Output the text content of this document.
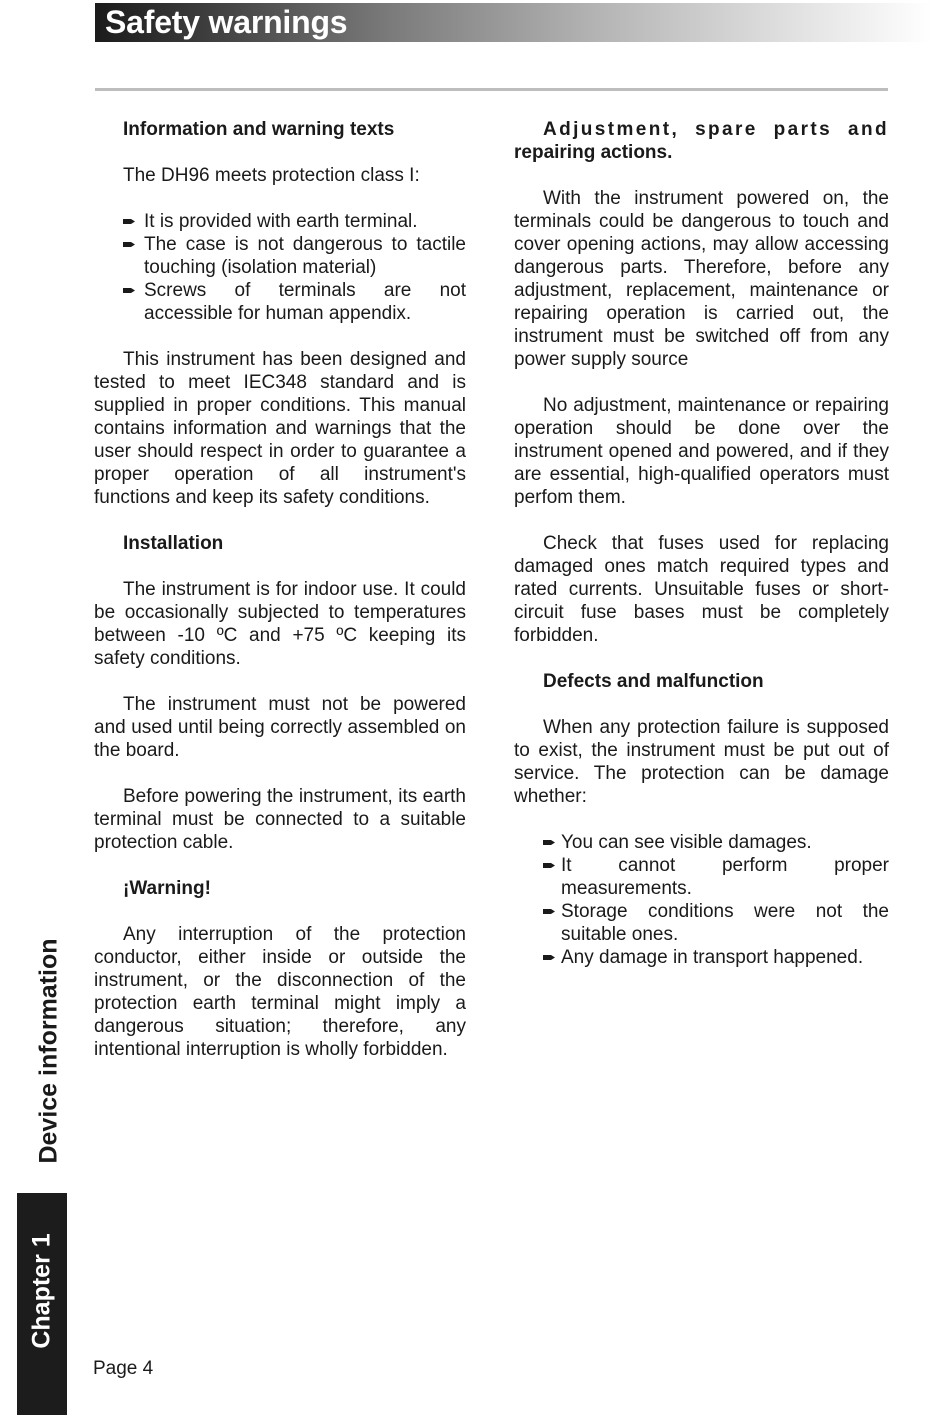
Safety warnings
Information and warning texts

The DH96 meets protection class I:

It is provided with earth terminal.
The case is not dangerous to tactile touching (isolation material)
Screws of terminals are not accessible for human appendix.

This instrument has been designed and tested to meet IEC348 standard and is supplied in proper conditions. This manual contains information and warnings that the user should respect in order to guarantee a proper operation of all instrument's functions and keep its safety conditions.

Installation

The instrument is for indoor use. It could be occasionally subjected to temperatures between -10 ºC and +75 ºC keeping its safety conditions.

The instrument must not be powered and used until being correctly assembled on the board.

Before powering the instrument, its earth terminal must be connected to a suitable protection cable.

¡Warning!

Any interruption of the protection conductor, either inside or outside the instrument, or the disconnection of the protection earth terminal might imply a dangerous situation; therefore, any intentional interruption is wholly forbidden.

Adjustment, spare parts and
repairing actions.

With the instrument powered on, the terminals could be dangerous to touch and cover opening actions, may allow accessing dangerous parts. Therefore, before any adjustment, replacement, maintenance or repairing operation is carried out, the instrument must be switched off from any power supply source

No adjustment, maintenance or repairing operation should be done over the instrument opened and powered, and if they are essential, high-qualified operators must perfom them.

Check that fuses used for replacing damaged ones match required types and rated currents. Unsuitable fuses or short-circuit fuse bases must be completely forbidden.

Defects and malfunction

When any protection failure is supposed to exist, the instrument must be put out of service. The protection can be damage whether:

You can see visible damages.
It cannot perform proper measurements.
Storage conditions were not the suitable ones.
Any damage in transport happened.
Device information
Chapter 1
Page 4
